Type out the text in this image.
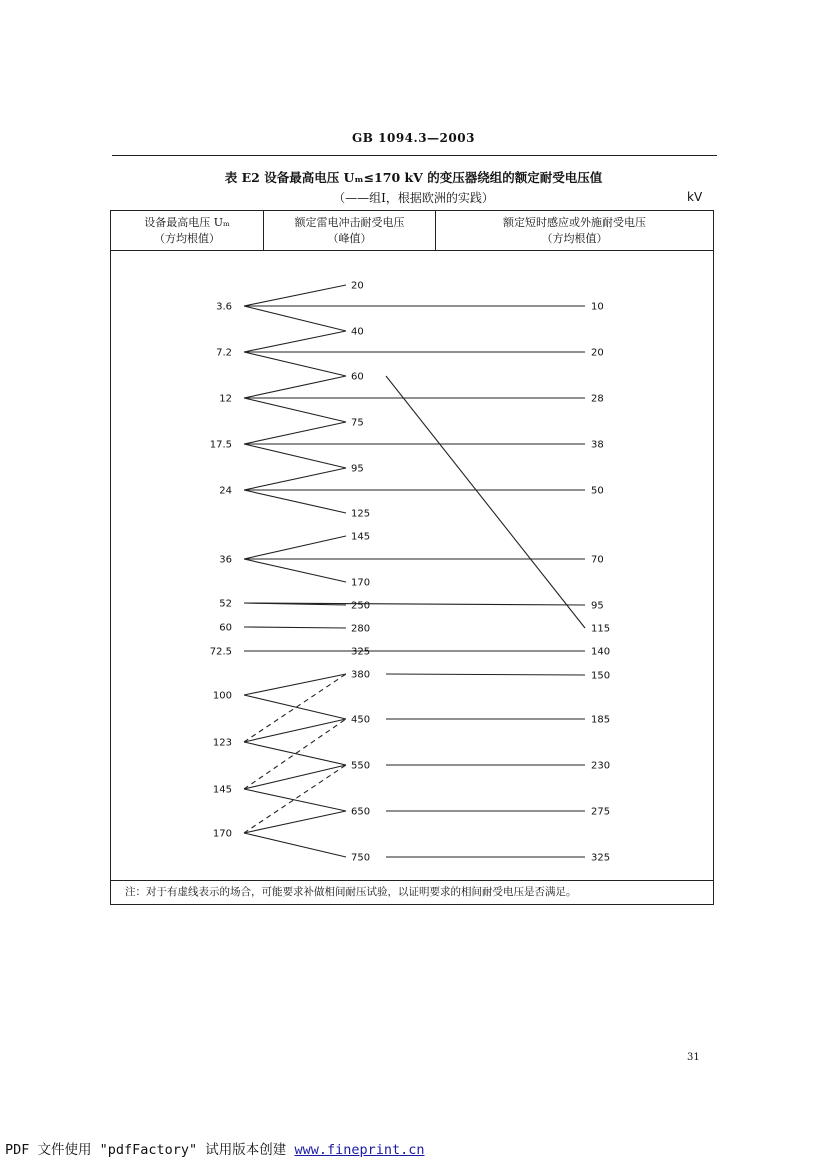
GB 1094.3—2003
表 E2 设备最高电压 Uₘ≤170 kV 的变压器绕组的额定耐受电压值
（——组Ⅰ，根据欧洲的实践）	kV
设备最高电压 Uₘ
（方均根值）
额定雷电冲击耐受电压
（峰值）
额定短时感应或外施耐受电压
（方均根值）
3.6
7.2
12
17.5
24
36
52
60
72.5
100
123
145
170
20
40
60
75
95
125
145
170
250
280
325
380
450
550
650
750
10
20
28
38
50
70
95
115
140
150
185
230
275
325
注：对于有虚线表示的场合，可能要求补做相间耐压试验，以证明要求的相间耐受电压是否满足。
31
PDF 文件使用 "pdfFactory" 试用版本创建 www.fineprint.cn
